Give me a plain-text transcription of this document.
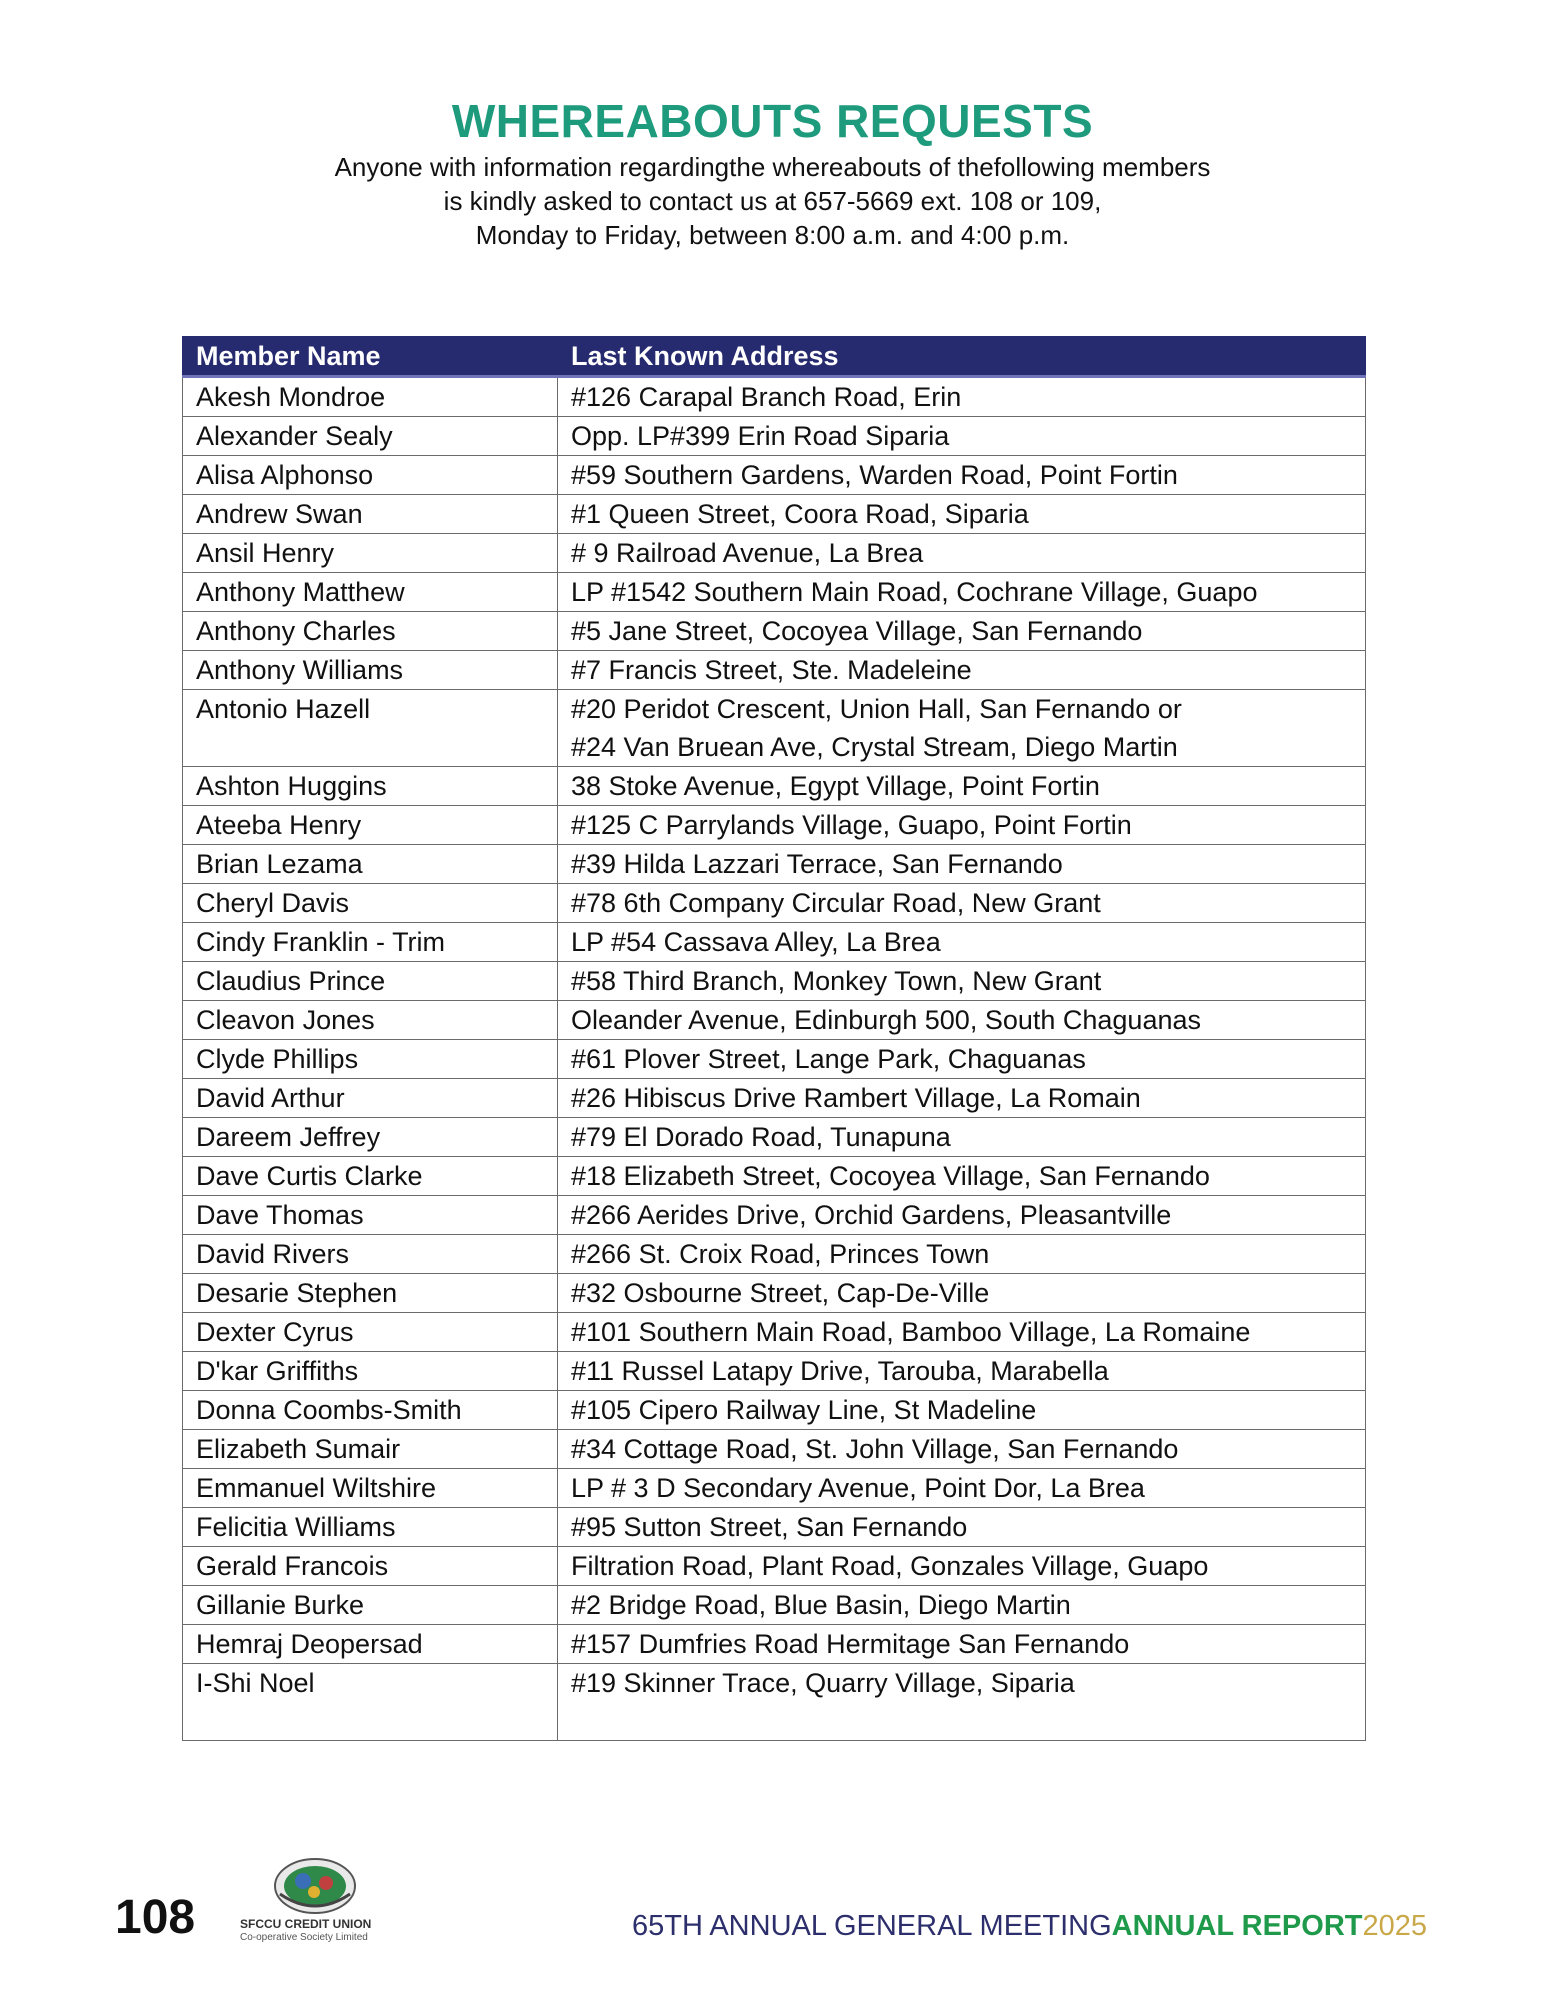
WHEREABOUTS REQUESTS
Anyone with information regardingthe whereabouts of thefollowing members
is kindly asked to contact us at 657-5669 ext. 108 or 109,
Monday to Friday, between 8:00 a.m. and 4:00 p.m.
Member Name	Last Known Address
Akesh Mondroe	#126 Carapal Branch Road, Erin

Alexander Sealy	Opp. LP#399 Erin Road Siparia

Alisa Alphonso	#59 Southern Gardens, Warden Road, Point Fortin

Andrew Swan	#1 Queen Street, Coora Road, Siparia

Ansil Henry	# 9 Railroad Avenue, La Brea

Anthony Matthew	LP #1542 Southern Main Road, Cochrane Village, Guapo

Anthony Charles	#5 Jane Street, Cocoyea Village, San Fernando

Anthony Williams	#7 Francis Street, Ste. Madeleine

Antonio Hazell	#20 Peridot Crescent, Union Hall, San Fernando or
#24 Van Bruean Ave, Crystal Stream, Diego Martin

Ashton Huggins	38 Stoke Avenue, Egypt Village, Point Fortin

Ateeba Henry	#125 C Parrylands Village, Guapo, Point Fortin

Brian Lezama	#39 Hilda Lazzari Terrace, San Fernando

Cheryl Davis	#78 6th Company Circular Road, New Grant

Cindy Franklin - Trim	LP #54 Cassava Alley, La Brea

Claudius Prince	#58 Third Branch, Monkey Town, New Grant

Cleavon Jones	Oleander Avenue, Edinburgh 500, South Chaguanas

Clyde Phillips	#61 Plover Street, Lange Park, Chaguanas

David Arthur	#26 Hibiscus Drive Rambert Village, La Romain

Dareem Jeffrey	#79 El Dorado Road, Tunapuna

Dave Curtis Clarke	#18 Elizabeth Street, Cocoyea Village, San Fernando

Dave Thomas	#266 Aerides Drive, Orchid Gardens, Pleasantville

David Rivers	#266 St. Croix Road, Princes Town

Desarie Stephen	#32 Osbourne Street, Cap-De-Ville

Dexter Cyrus	#101 Southern Main Road, Bamboo Village, La Romaine

D'kar Griffiths	#11 Russel Latapy Drive, Tarouba, Marabella

Donna Coombs-Smith	#105 Cipero Railway Line, St Madeline

Elizabeth Sumair	#34 Cottage Road, St. John Village, San Fernando

Emmanuel Wiltshire	LP # 3 D Secondary Avenue, Point Dor, La Brea

Felicitia Williams	#95 Sutton Street, San Fernando

Gerald Francois	Filtration Road, Plant Road, Gonzales Village, Guapo

Gillanie Burke	#2 Bridge Road, Blue Basin, Diego Martin

Hemraj Deopersad	#157 Dumfries Road Hermitage San Fernando

I-Shi Noel	#19 Skinner Trace, Quarry Village, Siparia
108	SFCCU CREDIT UNION
Co-operative Society Limited	65TH ANNUAL GENERAL MEETINGANNUAL REPORT2025
